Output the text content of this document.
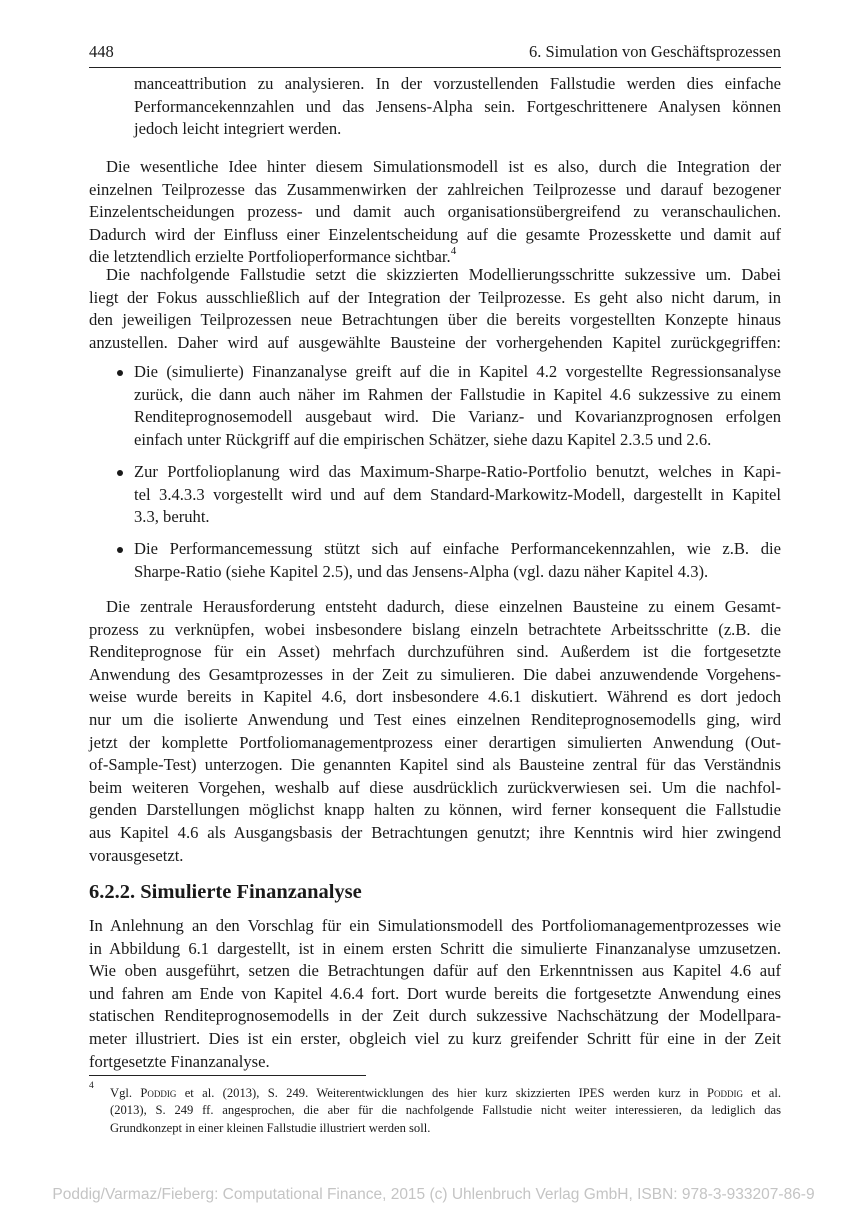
448	6. Simulation von Geschäftsprozessen
manceattribution zu analysieren. In der vorzustellenden Fallstudie werden dies einfache
Performancekennzahlen und das Jensens-Alpha sein. Fortgeschrittenere Analysen können
jedoch leicht integriert werden.
Die wesentliche Idee hinter diesem Simulationsmodell ist es also, durch die Integration der
einzelnen Teilprozesse das Zusammenwirken der zahlreichen Teilprozesse und darauf bezogener
Einzelentscheidungen prozess- und damit auch organisationsübergreifend zu veranschaulichen.
Dadurch wird der Einfluss einer Einzelentscheidung auf die gesamte Prozesskette und damit auf
die letztendlich erzielte Portfolioperformance sichtbar.$^4$
Die nachfolgende Fallstudie setzt die skizzierten Modellierungsschritte sukzessive um. Dabei
liegt der Fokus ausschließlich auf der Integration der Teilprozesse. Es geht also nicht darum, in
den jeweiligen Teilprozessen neue Betrachtungen über die bereits vorgestellten Konzepte hinaus
anzustellen. Daher wird auf ausgewählte Bausteine der vorhergehenden Kapitel zurückgegriffen:
Die (simulierte) Finanzanalyse greift auf die in Kapitel 4.2 vorgestellte Regressionsanalyse
zurück, die dann auch näher im Rahmen der Fallstudie in Kapitel 4.6 sukzessive zu einem
Renditeprognosemodell ausgebaut wird. Die Varianz- und Kovarianzprognosen erfolgen
einfach unter Rückgriff auf die empirischen Schätzer, siehe dazu Kapitel 2.3.5 und 2.6.
Zur Portfolioplanung wird das Maximum-Sharpe-Ratio-Portfolio benutzt, welches in Kapi-
tel 3.4.3.3 vorgestellt wird und auf dem Standard-Markowitz-Modell, dargestellt in Kapitel
3.3, beruht.
Die Performancemessung stützt sich auf einfache Performancekennzahlen, wie z.B. die
Sharpe-Ratio (siehe Kapitel 2.5), und das Jensens-Alpha (vgl. dazu näher Kapitel 4.3).
Die zentrale Herausforderung entsteht dadurch, diese einzelnen Bausteine zu einem Gesamt-
prozess zu verknüpfen, wobei insbesondere bislang einzeln betrachtete Arbeitsschritte (z.B. die
Renditeprognose für ein Asset) mehrfach durchzuführen sind. Außerdem ist die fortgesetzte
Anwendung des Gesamtprozesses in der Zeit zu simulieren. Die dabei anzuwendende Vorgehens-
weise wurde bereits in Kapitel 4.6, dort insbesondere 4.6.1 diskutiert. Während es dort jedoch
nur um die isolierte Anwendung und Test eines einzelnen Renditeprognosemodells ging, wird
jetzt der komplette Portfoliomanagementprozess einer derartigen simulierten Anwendung (Out-
of-Sample-Test) unterzogen. Die genannten Kapitel sind als Bausteine zentral für das Verständnis
beim weiteren Vorgehen, weshalb auf diese ausdrücklich zurückverwiesen sei. Um die nachfol-
genden Darstellungen möglichst knapp halten zu können, wird ferner konsequent die Fallstudie
aus Kapitel 4.6 als Ausgangsbasis der Betrachtungen genutzt; ihre Kenntnis wird hier zwingend
vorausgesetzt.
6.2.2. Simulierte Finanzanalyse
In Anlehnung an den Vorschlag für ein Simulationsmodell des Portfoliomanagementprozesses wie
in Abbildung 6.1 dargestellt, ist in einem ersten Schritt die simulierte Finanzanalyse umzusetzen.
Wie oben ausgeführt, setzen die Betrachtungen dafür auf den Erkenntnissen aus Kapitel 4.6 auf
und fahren am Ende von Kapitel 4.6.4 fort. Dort wurde bereits die fortgesetzte Anwendung eines
statischen Renditeprognosemodells in der Zeit durch sukzessive Nachschätzung der Modellpara-
meter illustriert. Dies ist ein erster, obgleich viel zu kurz greifender Schritt für eine in der Zeit
fortgesetzte Finanzanalyse.
4 Vgl. Poddig et al. (2013), S. 249. Weiterentwicklungen des hier kurz skizzierten IPES werden kurz in Poddig et al.
(2013), S. 249 ff. angesprochen, die aber für die nachfolgende Fallstudie nicht weiter interessieren, da lediglich das
Grundkonzept in einer kleinen Fallstudie illustriert werden soll.
Poddig/Varmaz/Fieberg: Computational Finance, 2015 (c) Uhlenbruch Verlag GmbH, ISBN: 978-3-933207-86-9
